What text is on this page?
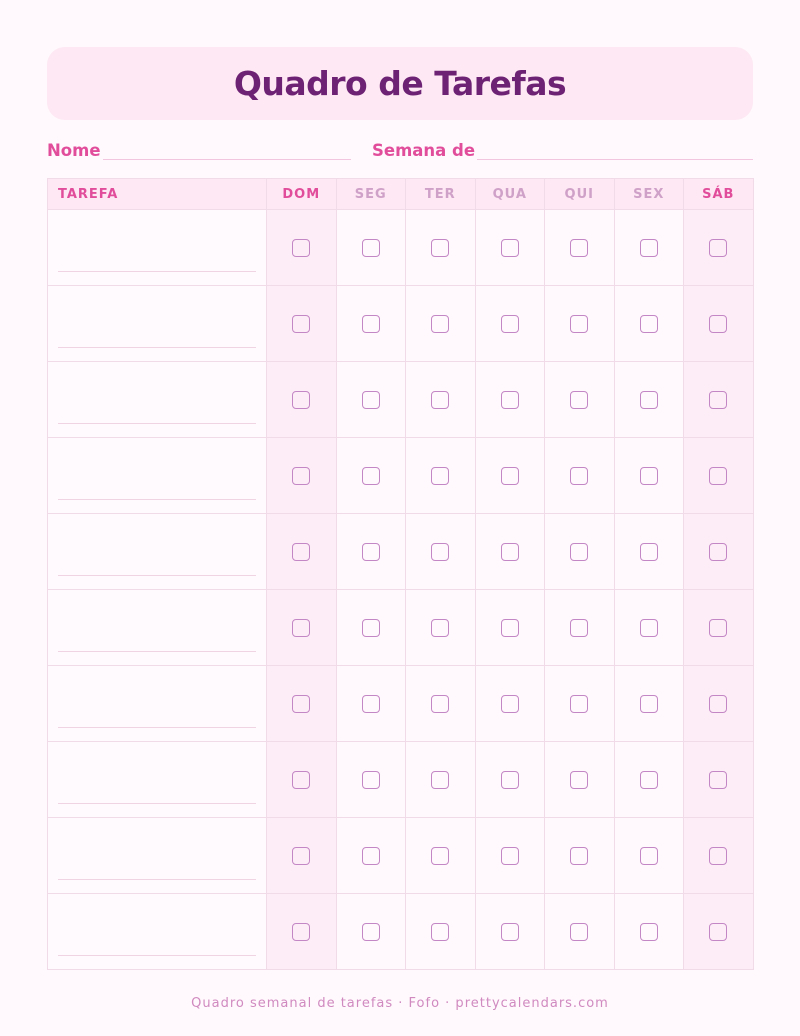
Quadro de Tarefas
Nome	Semana de
TAREFA	DOM	SEG	TER	QUA	QUI	SEX	SÁB

Quadro semanal de tarefas · Fofo · prettycalendars.com
